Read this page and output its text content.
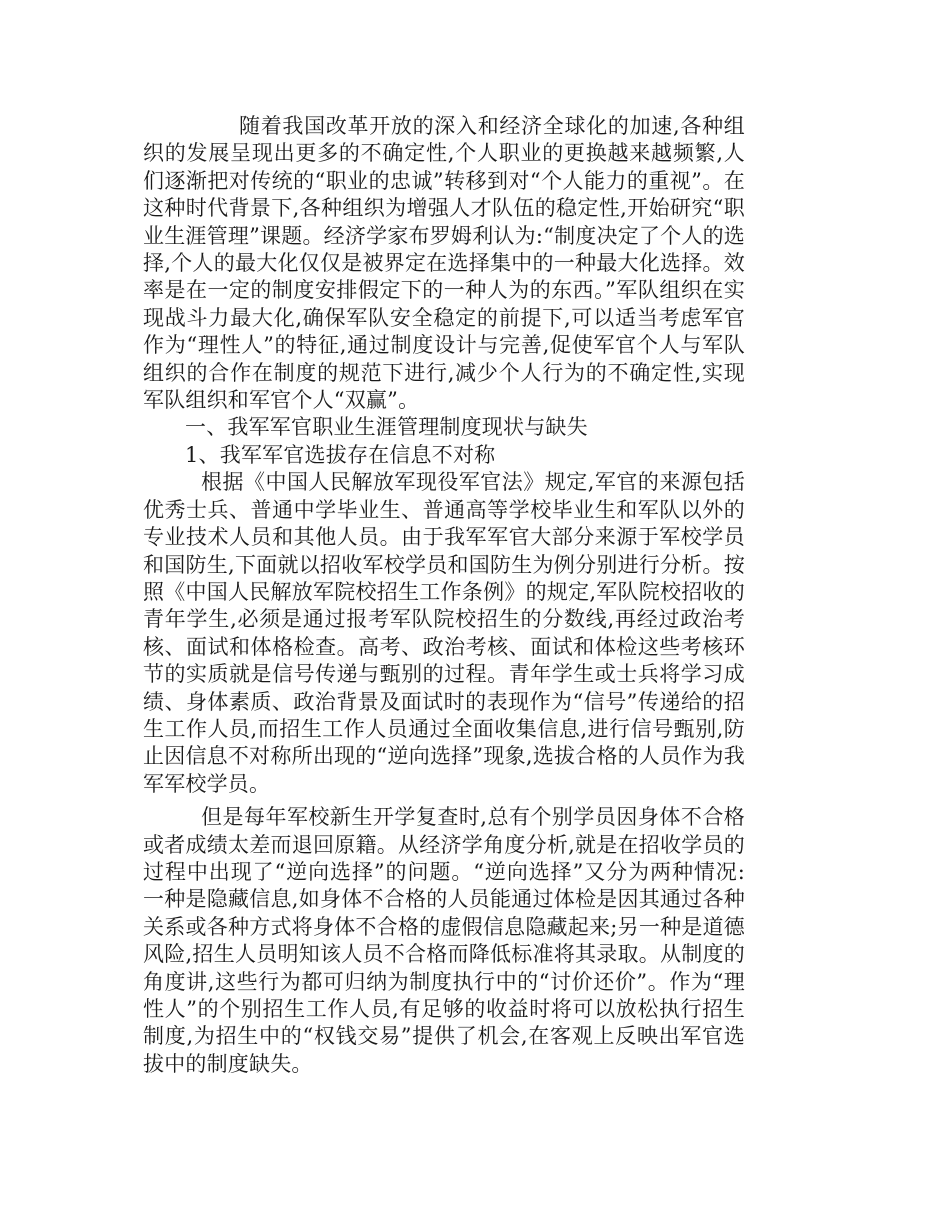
随着我国改革开放的深入和经济全球化的加速,各种组织的发展呈现出更多的不确定性,个人职业的更换越来越频繁,人们逐渐把对传统的“职业的忠诚”转移到对“个人能力的重视”。在这种时代背景下,各种组织为增强人才队伍的稳定性,开始研究“职业生涯管理”课题。经济学家布罗姆利认为:“制度决定了个人的选择,个人的最大化仅仅是被界定在选择集中的一种最大化选择。效率是在一定的制度安排假定下的一种人为的东西。”军队组织在实现战斗力最大化,确保军队安全稳定的前提下,可以适当考虑军官作为“理性人”的特征,通过制度设计与完善,促使军官个人与军队组织的合作在制度的规范下进行,减少个人行为的不确定性,实现军队组织和军官个人“双赢”。

一、我军军官职业生涯管理制度现状与缺失

1、我军军官选拔存在信息不对称

根据《中国人民解放军现役军官法》规定,军官的来源包括优秀士兵、普通中学毕业生、普通高等学校毕业生和军队以外的专业技术人员和其他人员。由于我军军官大部分来源于军校学员和国防生,下面就以招收军校学员和国防生为例分别进行分析。按照《中国人民解放军院校招生工作条例》的规定,军队院校招收的青年学生,必须是通过报考军队院校招生的分数线,再经过政治考核、面试和体格检查。高考、政治考核、面试和体检这些考核环节的实质就是信号传递与甄别的过程。青年学生或士兵将学习成绩、身体素质、政治背景及面试时的表现作为“信号”传递给的招生工作人员,而招生工作人员通过全面收集信息,进行信号甄别,防止因信息不对称所出现的“逆向选择”现象,选拔合格的人员作为我军军校学员。

但是每年军校新生开学复查时,总有个别学员因身体不合格或者成绩太差而退回原籍。从经济学角度分析,就是在招收学员的过程中出现了“逆向选择”的问题。“逆向选择”又分为两种情况:一种是隐藏信息,如身体不合格的人员能通过体检是因其通过各种关系或各种方式将身体不合格的虚假信息隐藏起来;另一种是道德风险,招生人员明知该人员不合格而降低标准将其录取。从制度的角度讲,这些行为都可归纳为制度执行中的“讨价还价”。作为“理性人”的个别招生工作人员,有足够的收益时将可以放松执行招生制度,为招生中的“权钱交易”提供了机会,在客观上反映出军官选拔中的制度缺失。
